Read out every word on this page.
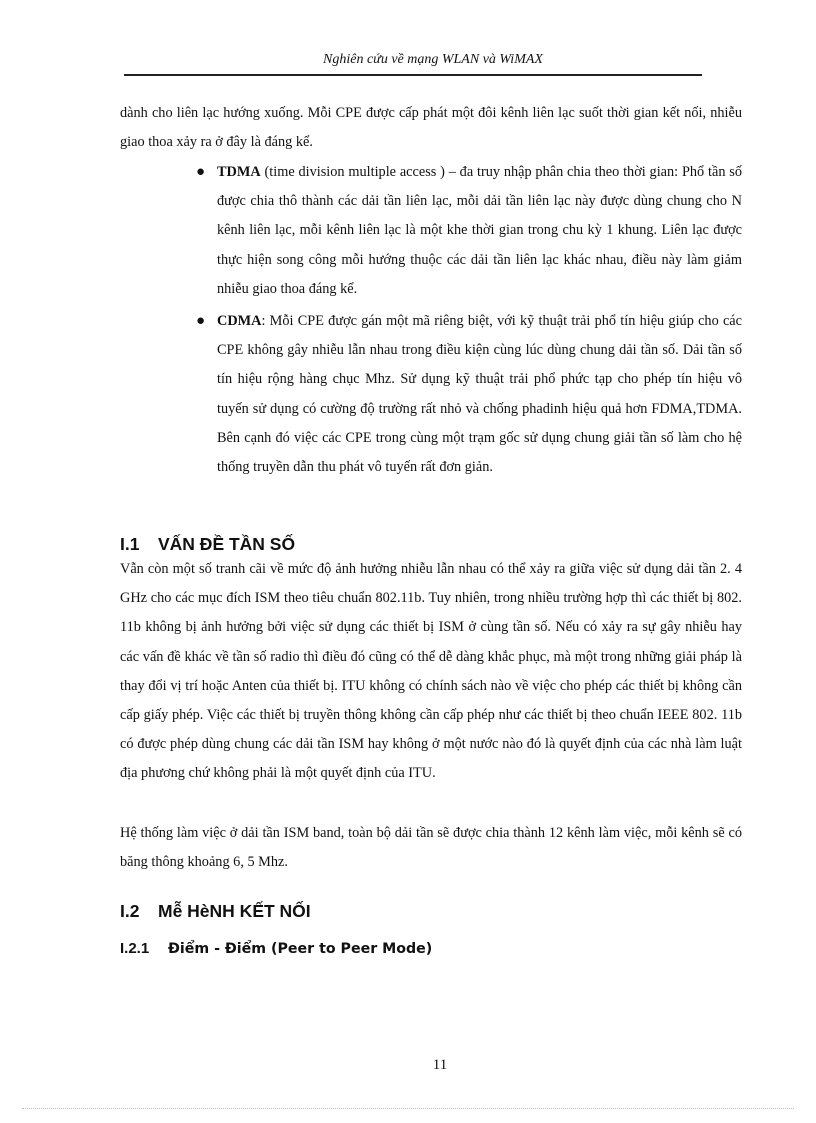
Nghiên cứu về mạng WLAN và WiMAX
dành cho liên lạc hướng xuống. Mỗi CPE được cấp phát một đôi kênh liên lạc suốt thời gian kết nối, nhiễu giao thoa xảy ra ở đây là đáng kể.
● TDMA (time division multiple access ) – đa truy nhập phân chia theo thời gian: Phổ tần số được chia thô thành các dải tần liên lạc, mỗi dải tần liên lạc này được dùng chung cho N kênh liên lạc, mỗi kênh liên lạc là một khe thời gian trong chu kỳ 1 khung. Liên lạc được thực hiện song công mỗi hướng thuộc các dải tần liên lạc khác nhau, điều này làm giảm nhiễu giao thoa đáng kể.
● CDMA: Mỗi CPE được gán một mã riêng biệt, với kỹ thuật trải phổ tín hiệu giúp cho các CPE không gây nhiễu lẫn nhau trong điều kiện cùng lúc dùng chung dải tần số. Dải tần số tín hiệu rộng hàng chục Mhz. Sử dụng kỹ thuật trải phổ phức tạp cho phép tín hiệu vô tuyến sử dụng có cường độ trường rất nhỏ và chống phadinh hiệu quả hơn FDMA,TDMA. Bên cạnh đó việc các CPE trong cùng một trạm gốc sử dụng chung giải tần số làm cho hệ thống truyền dẫn thu phát vô tuyến rất đơn giản.
I.1 VẤN ĐỀ TẦN SỐ
Vẫn còn một số tranh cãi về mức độ ảnh hưởng nhiễu lẫn nhau có thể xảy ra giữa việc sử dụng dải tần 2. 4 GHz cho các mục đích ISM theo tiêu chuẩn 802.11b. Tuy nhiên, trong nhiều trường hợp thì các thiết bị 802. 11b không bị ảnh hưởng bởi việc sử dụng các thiết bị ISM ở cùng tần số. Nếu có xảy ra sự gây nhiễu hay các vấn đề khác về tần số radio thì điều đó cũng có thể dễ dàng khắc phục, mà một trong những giải pháp là thay đổi vị trí hoặc Anten của thiết bị. ITU không có chính sách nào về việc cho phép các thiết bị không cần cấp giấy phép. Việc các thiết bị truyền thông không cần cấp phép như các thiết bị theo chuẩn IEEE 802. 11b có được phép dùng chung các dải tần ISM hay không ở một nước nào đó là quyết định của các nhà làm luật địa phương chứ không phải là một quyết định của ITU.
Hệ thống làm việc ở dải tần ISM band, toàn bộ dải tần sẽ được chia thành 12 kênh làm việc, mỗi kênh sẽ có băng thông khoảng 6, 5 Mhz.
I.2 Mễ HèNH KẾT NỐI
I.2.1 Điểm - Điểm (Peer to Peer Mode)
11
